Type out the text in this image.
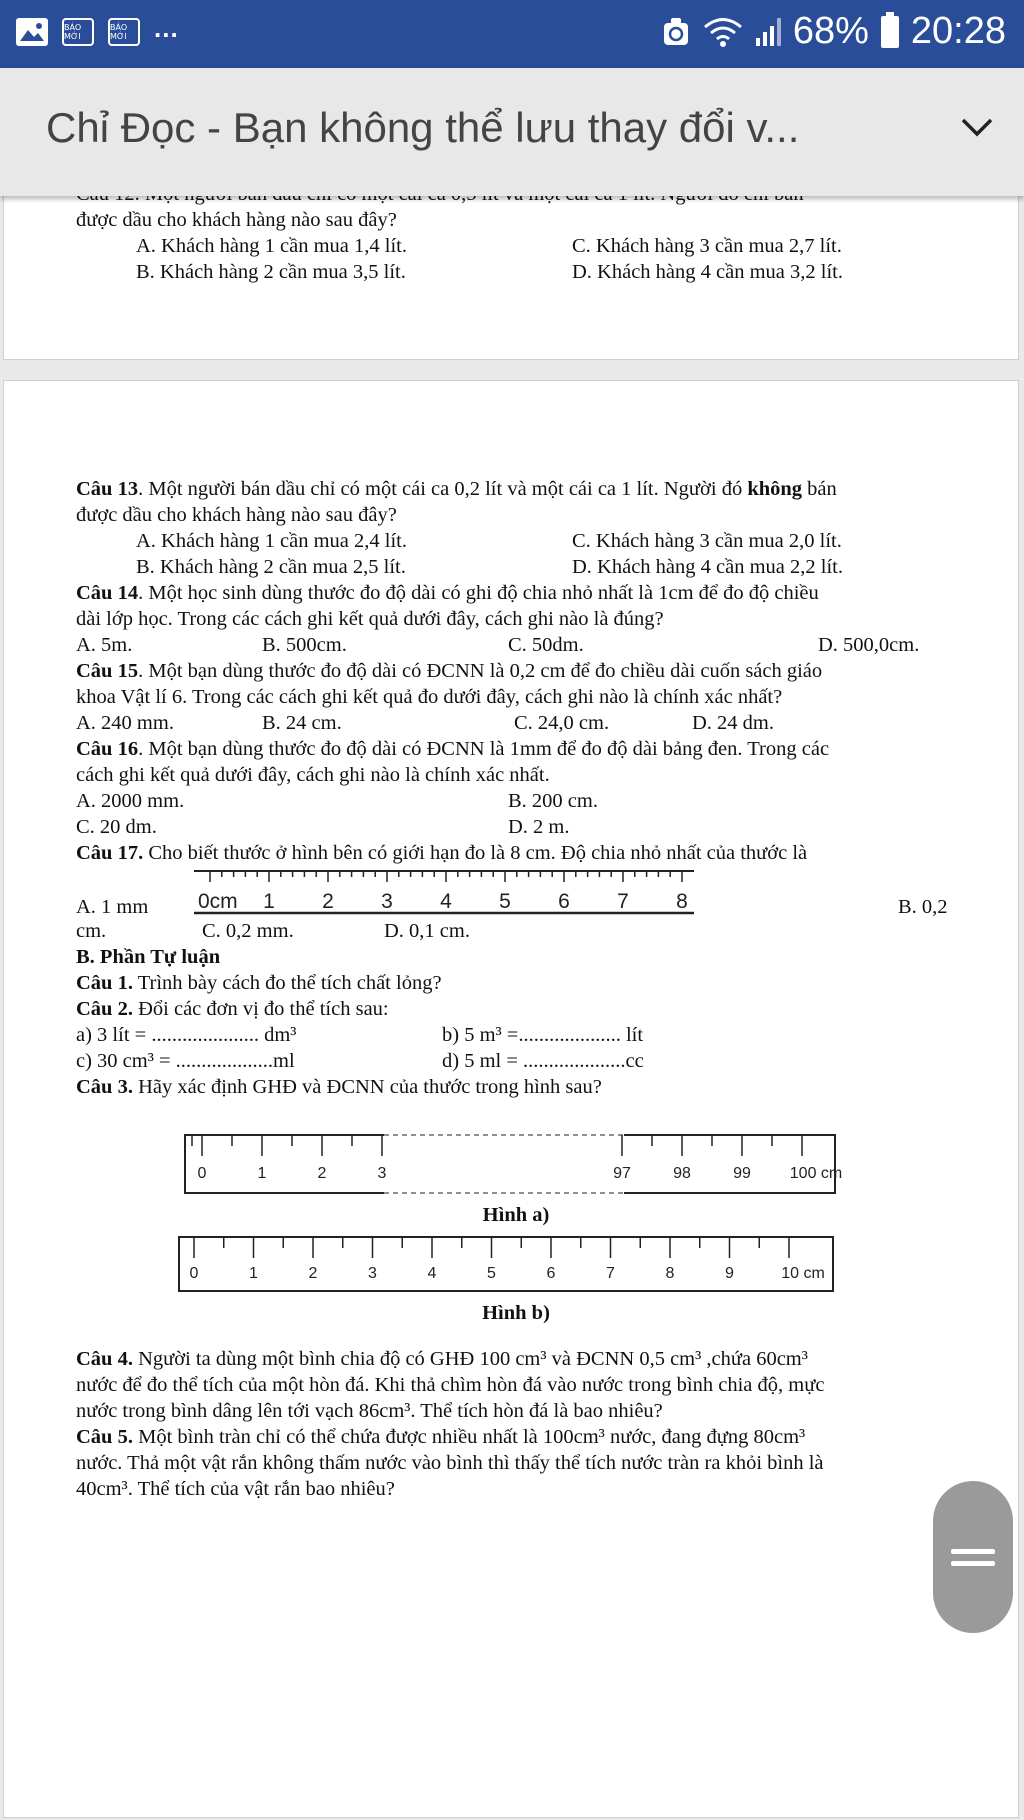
BÁO MỚI
BÁO MỚI	...	68% 20:28
Chỉ Đọc - Bạn không thể lưu thay đổi v...
được dầu cho khách hàng nào sau đây?
A. Khách hàng 1 cần mua 1,4 lít.	C. Khách hàng 3 cần mua 2,7 lít.
B. Khách hàng 2 cần mua 3,5 lít.	D. Khách hàng 4 cần mua 3,2 lít.
Câu 13. Một người bán dầu chỉ có một cái ca 0,2 lít và một cái ca 1 lít. Người đó không bán
được dầu cho khách hàng nào sau đây?
A. Khách hàng 1 cần mua 2,4 lít.	C. Khách hàng 3 cần mua 2,0 lít.
B. Khách hàng 2 cần mua 2,5 lít.	D. Khách hàng 4 cần mua 2,2 lít.
Câu 14. Một học sinh dùng thước đo độ dài có ghi độ chia nhỏ nhất là 1cm để đo độ chiều
dài lớp học. Trong các cách ghi kết quả dưới đây, cách ghi nào là đúng?
A. 5m.	B. 500cm.	C. 50dm.	D. 500,0cm.
Câu 15. Một bạn dùng thước đo độ dài có ĐCNN là 0,2 cm để đo chiều dài cuốn sách giáo
khoa Vật lí 6. Trong các cách ghi kết quả đo dưới đây, cách ghi nào là chính xác nhất?
A. 240 mm.	B. 24 cm.	C. 24,0 cm.	D. 24 dm.
Câu 16. Một bạn dùng thước đo độ dài có ĐCNN là 1mm để đo độ dài bảng đen. Trong các
cách ghi kết quả dưới đây, cách ghi nào là chính xác nhất.
A. 2000 mm.	B. 200 cm.
C. 20 dm.	D. 2 m.
Câu 17. Cho biết thước ở hình bên có giới hạn đo là 8 cm. Độ chia nhỏ nhất của thước là
0cm 1 2 3 4 5 6 7 8
A. 1 mm	B. 0,2
cm.	C. 0,2 mm.	D. 0,1 cm.
B. Phần Tự luận
Câu 1. Trình bày cách đo thể tích chất lỏng?
Câu 2. Đổi các đơn vị đo thể tích sau:
a) 3 lít = ..................... dm³	b) 5 m³ =.................... lít
c) 30 cm³ = ...................ml	d) 5 ml = ....................cc
Câu 3. Hãy xác định GHĐ và ĐCNN của thước trong hình sau?
0	1	2	3	97	98	99 100 cm
Hình a)
0	1	2	3	4	5	6	7	8	9	10 cm
Hình b)
Câu 4. Người ta dùng một bình chia độ có GHĐ 100 cm³ và ĐCNN 0,5 cm³ ,chứa 60cm³
nước để đo thể tích của một hòn đá. Khi thả chìm hòn đá vào nước trong bình chia độ, mực
nước trong bình dâng lên tới vạch 86cm³. Thể tích hòn đá là bao nhiêu?
Câu 5. Một bình tràn chỉ có thể chứa được nhiều nhất là 100cm³ nước, đang đựng 80cm³
nước. Thả một vật rắn không thấm nước vào bình thì thấy thể tích nước tràn ra khỏi bình là
40cm³. Thể tích của vật rắn bao nhiêu?
